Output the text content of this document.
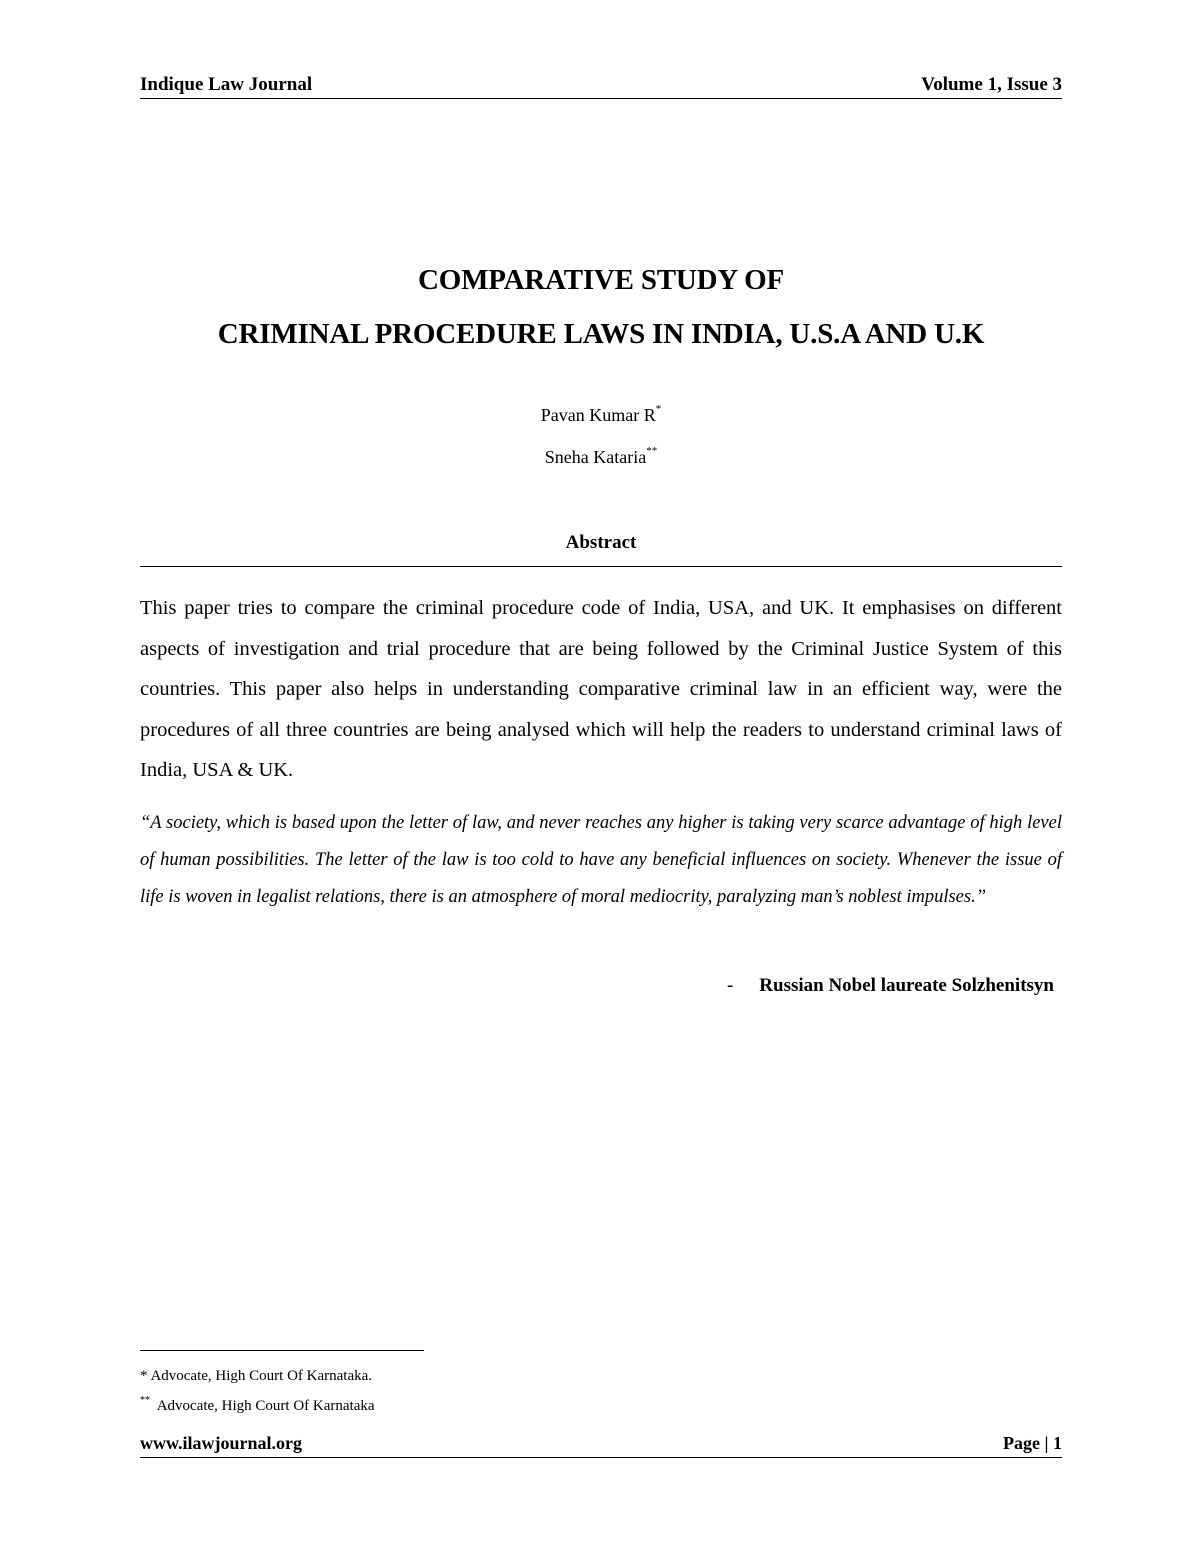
Indique Law Journal	Volume 1, Issue 3
COMPARATIVE STUDY OF
CRIMINAL PROCEDURE LAWS IN INDIA, U.S.A AND U.K
Pavan Kumar R*
Sneha Kataria**
Abstract
This paper tries to compare the criminal procedure code of India, USA, and UK. It emphasises on different aspects of investigation and trial procedure that are being followed by the Criminal Justice System of this countries. This paper also helps in understanding comparative criminal law in an efficient way, were the procedures of all three countries are being analysed which will help the readers to understand criminal laws of India, USA & UK.
“A society, which is based upon the letter of law, and never reaches any higher is taking very scarce advantage of high level of human possibilities. The letter of the law is too cold to have any beneficial influences on society. Whenever the issue of life is woven in legalist relations, there is an atmosphere of moral mediocrity, paralyzing man’s noblest impulses.”
- Russian Nobel laureate Solzhenitsyn
* Advocate, High Court Of Karnataka.
** Advocate, High Court Of Karnataka
www.ilawjournal.org	Page | 1
